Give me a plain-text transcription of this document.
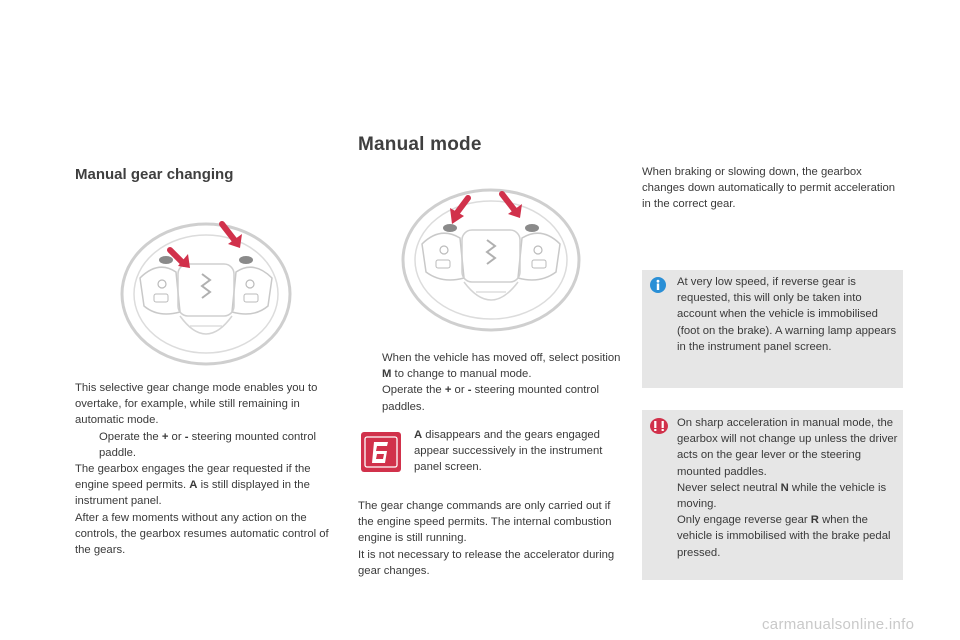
Manual mode
Manual gear changing

This selective gear change mode enables you to overtake, for example, while still remaining in automatic mode.

Operate the + or - steering mounted control paddle.

The gearbox engages the gear requested if the engine speed permits. A is still displayed in the instrument panel.

After a few moments without any action on the controls, the gearbox resumes automatic control of the gears.

When the vehicle has moved off, select position M to change to manual mode.
Operate the + or - steering mounted control paddles.
A disappears and the gears engaged appear successively in the instrument panel screen.

The gear change commands are only carried out if the engine speed permits. The internal combustion engine is still running.

It is not necessary to release the accelerator during gear changes.

When braking or slowing down, the gearbox changes down automatically to permit acceleration in the correct gear.
At very low speed, if reverse gear is requested, this will only be taken into account when the vehicle is immobilised (foot on the brake). A warning lamp appears in the instrument panel screen.

On sharp acceleration in manual mode, the gearbox will not change up unless the driver acts on the gear lever or the steering mounted paddles.

Never select neutral N while the vehicle is moving.

Only engage reverse gear R when the vehicle is immobilised with the brake pedal pressed.

carmanualsonline.info
